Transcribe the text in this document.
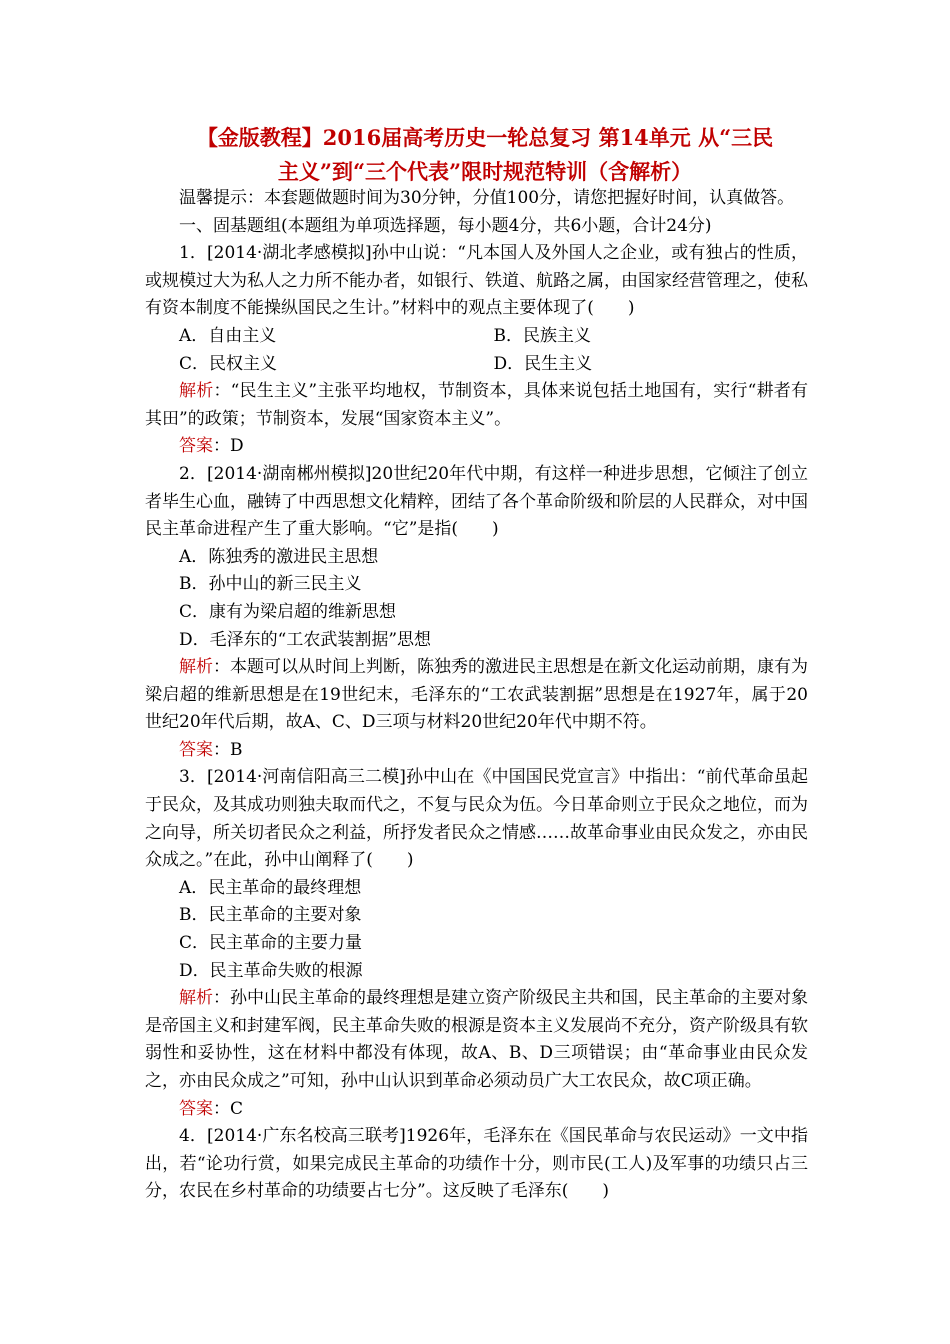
【金版教程】2016届高考历史一轮总复习 第14单元 从“三民
主义”到“三个代表”限时规范特训（含解析）

温馨提示：本套题做题时间为30分钟，分值100分，请您把握好时间，认真做答。

一、固基题组(本题组为单项选择题，每小题4分，共6小题，合计24分)

1．[2014·湖北孝感模拟]孙中山说：“凡本国人及外国人之企业，或有独占的性质，或规模过大为私人之力所不能办者，如银行、铁道、航路之属，由国家经营管理之，使私有资本制度不能操纵国民之生计。”材料中的观点主要体现了(　　)

A．自由主义	B．民族主义
C．民权主义	D．民生主义

解析：“民生主义”主张平均地权，节制资本，具体来说包括土地国有，实行“耕者有其田”的政策；节制资本，发展“国家资本主义”。

答案：D

2．[2014·湖南郴州模拟]20世纪20年代中期，有这样一种进步思想，它倾注了创立者毕生心血，融铸了中西思想文化精粹，团结了各个革命阶级和阶层的人民群众，对中国民主革命进程产生了重大影响。“它”是指(　　)

A．陈独秀的激进民主思想

B．孙中山的新三民主义

C．康有为梁启超的维新思想

D．毛泽东的“工农武装割据”思想

解析：本题可以从时间上判断，陈独秀的激进民主思想是在新文化运动前期，康有为梁启超的维新思想是在19世纪末，毛泽东的“工农武装割据”思想是在1927年，属于20世纪20年代后期，故A、C、D三项与材料20世纪20年代中期不符。

答案：B

3．[2014·河南信阳高三二模]孙中山在《中国国民党宣言》中指出：“前代革命虽起于民众，及其成功则独夫取而代之，不复与民众为伍。今日革命则立于民众之地位，而为之向导，所关切者民众之利益，所抒发者民众之情感……故革命事业由民众发之，亦由民众成之。”在此，孙中山阐释了(　　)

A．民主革命的最终理想

B．民主革命的主要对象

C．民主革命的主要力量

D．民主革命失败的根源

解析：孙中山民主革命的最终理想是建立资产阶级民主共和国，民主革命的主要对象是帝国主义和封建军阀，民主革命失败的根源是资本主义发展尚不充分，资产阶级具有软弱性和妥协性，这在材料中都没有体现，故A、B、D三项错误；由“革命事业由民众发之，亦由民众成之”可知，孙中山认识到革命必须动员广大工农民众，故C项正确。

答案：C

4．[2014·广东名校高三联考]1926年，毛泽东在《国民革命与农民运动》一文中指出，若“论功行赏，如果完成民主革命的功绩作十分，则市民(工人)及军事的功绩只占三分，农民在乡村革命的功绩要占七分”。这反映了毛泽东(　　)
